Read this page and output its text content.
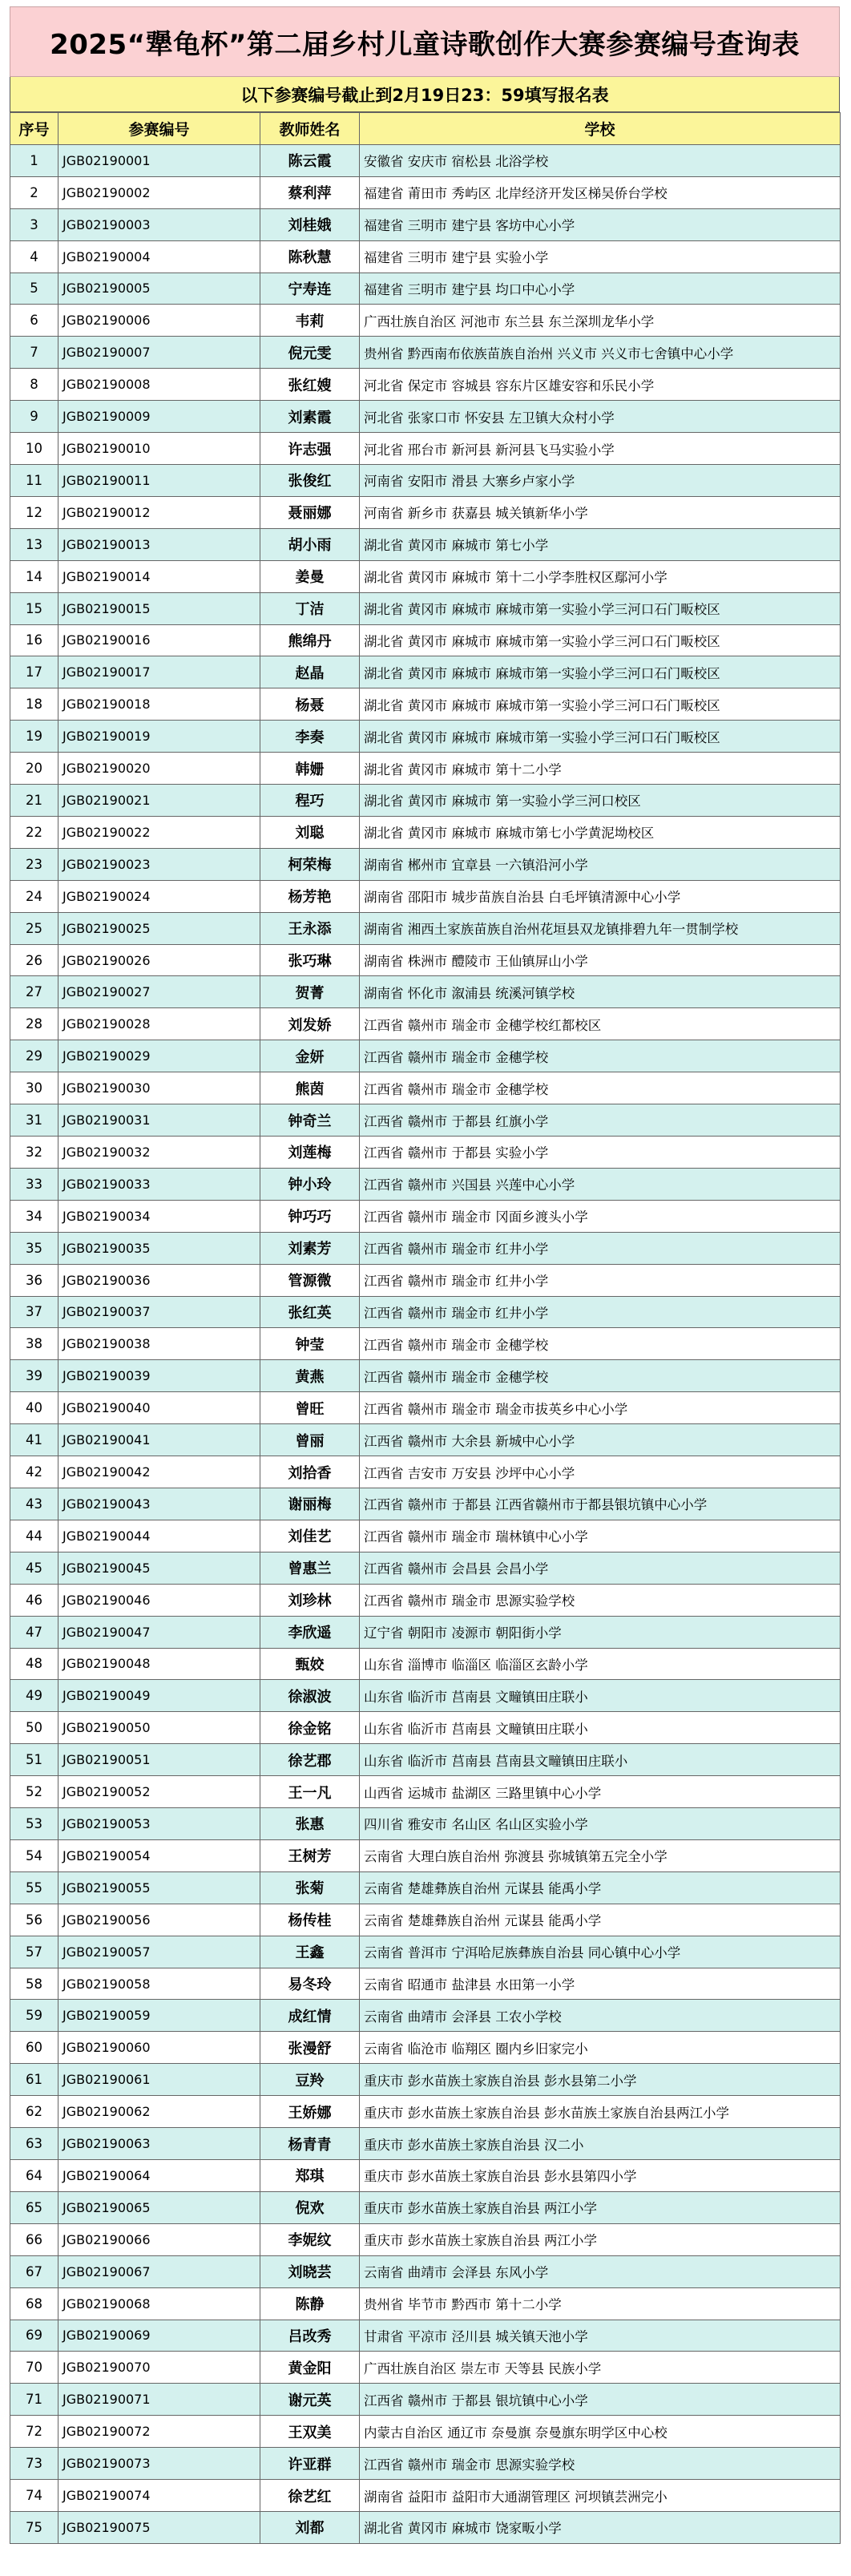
2025“犟龟杯”第二届乡村儿童诗歌创作大赛参赛编号查询表
以下参赛编号截止到2月19日23：59填写报名表
序号	参赛编号	教师姓名	学校
1	JGB02190001	陈云霞	安徽省 安庆市 宿松县 北浴学校
2	JGB02190002	蔡利萍	福建省 莆田市 秀屿区 北岸经济开发区梯吴侨台学校
3	JGB02190003	刘桂娥	福建省 三明市 建宁县 客坊中心小学
4	JGB02190004	陈秋慧	福建省 三明市 建宁县 实验小学
5	JGB02190005	宁寿连	福建省 三明市 建宁县 均口中心小学
6	JGB02190006	韦莉	广西壮族自治区 河池市 东兰县 东兰深圳龙华小学
7	JGB02190007	倪元雯	贵州省 黔西南布依族苗族自治州 兴义市 兴义市七舍镇中心小学
8	JGB02190008	张红嫂	河北省 保定市 容城县 容东片区雄安容和乐民小学
9	JGB02190009	刘素霞	河北省 张家口市 怀安县 左卫镇大众村小学
10	JGB02190010	许志强	河北省 邢台市 新河县 新河县飞马实验小学
11	JGB02190011	张俊红	河南省 安阳市 滑县 大寨乡卢家小学
12	JGB02190012	聂丽娜	河南省 新乡市 获嘉县 城关镇新华小学
13	JGB02190013	胡小雨	湖北省 黄冈市 麻城市 第七小学
14	JGB02190014	姜曼	湖北省 黄冈市 麻城市 第十二小学李胜权区鄢河小学
15	JGB02190015	丁洁	湖北省 黄冈市 麻城市 麻城市第一实验小学三河口石门畈校区
16	JGB02190016	熊绵丹	湖北省 黄冈市 麻城市 麻城市第一实验小学三河口石门畈校区
17	JGB02190017	赵晶	湖北省 黄冈市 麻城市 麻城市第一实验小学三河口石门畈校区
18	JGB02190018	杨聂	湖北省 黄冈市 麻城市 麻城市第一实验小学三河口石门畈校区
19	JGB02190019	李奏	湖北省 黄冈市 麻城市 麻城市第一实验小学三河口石门畈校区
20	JGB02190020	韩姗	湖北省 黄冈市 麻城市 第十二小学
21	JGB02190021	程巧	湖北省 黄冈市 麻城市 第一实验小学三河口校区
22	JGB02190022	刘聪	湖北省 黄冈市 麻城市 麻城市第七小学黄泥坳校区
23	JGB02190023	柯荣梅	湖南省 郴州市 宜章县 一六镇沿河小学
24	JGB02190024	杨芳艳	湖南省 邵阳市 城步苗族自治县 白毛坪镇清源中心小学
25	JGB02190025	王永添	湖南省 湘西土家族苗族自治州花垣县双龙镇排碧九年一贯制学校
26	JGB02190026	张巧琳	湖南省 株洲市 醴陵市 王仙镇屏山小学
27	JGB02190027	贺菁	湖南省 怀化市 溆浦县 统溪河镇学校
28	JGB02190028	刘发娇	江西省 赣州市 瑞金市 金穗学校红都校区
29	JGB02190029	金妍	江西省 赣州市 瑞金市 金穗学校
30	JGB02190030	熊茵	江西省 赣州市 瑞金市 金穗学校
31	JGB02190031	钟奇兰	江西省 赣州市 于都县 红旗小学
32	JGB02190032	刘莲梅	江西省 赣州市 于都县 实验小学
33	JGB02190033	钟小玲	江西省 赣州市 兴国县 兴莲中心小学
34	JGB02190034	钟巧巧	江西省 赣州市 瑞金市 冈面乡渡头小学
35	JGB02190035	刘素芳	江西省 赣州市 瑞金市 红井小学
36	JGB02190036	管源微	江西省 赣州市 瑞金市 红井小学
37	JGB02190037	张红英	江西省 赣州市 瑞金市 红井小学
38	JGB02190038	钟莹	江西省 赣州市 瑞金市 金穗学校
39	JGB02190039	黄燕	江西省 赣州市 瑞金市 金穗学校
40	JGB02190040	曾旺	江西省 赣州市 瑞金市 瑞金市拔英乡中心小学
41	JGB02190041	曾丽	江西省 赣州市 大余县 新城中心小学
42	JGB02190042	刘拾香	江西省 吉安市 万安县 沙坪中心小学
43	JGB02190043	谢丽梅	江西省 赣州市 于都县 江西省赣州市于都县银坑镇中心小学
44	JGB02190044	刘佳艺	江西省 赣州市 瑞金市 瑞林镇中心小学
45	JGB02190045	曾惠兰	江西省 赣州市 会昌县 会昌小学
46	JGB02190046	刘珍林	江西省 赣州市 瑞金市 思源实验学校
47	JGB02190047	李欣遥	辽宁省 朝阳市 凌源市 朝阳街小学
48	JGB02190048	甄姣	山东省 淄博市 临淄区 临淄区玄龄小学
49	JGB02190049	徐淑波	山东省 临沂市 莒南县 文疃镇田庄联小
50	JGB02190050	徐金铭	山东省 临沂市 莒南县 文疃镇田庄联小
51	JGB02190051	徐艺郡	山东省 临沂市 莒南县 莒南县文疃镇田庄联小
52	JGB02190052	王一凡	山西省 运城市 盐湖区 三路里镇中心小学
53	JGB02190053	张惠	四川省 雅安市 名山区 名山区实验小学
54	JGB02190054	王树芳	云南省 大理白族自治州 弥渡县 弥城镇第五完全小学
55	JGB02190055	张菊	云南省 楚雄彝族自治州 元谋县 能禹小学
56	JGB02190056	杨传桂	云南省 楚雄彝族自治州 元谋县 能禹小学
57	JGB02190057	王鑫	云南省 普洱市 宁洱哈尼族彝族自治县 同心镇中心小学
58	JGB02190058	易冬玲	云南省 昭通市 盐津县 水田第一小学
59	JGB02190059	成红情	云南省 曲靖市 会泽县 工农小学校
60	JGB02190060	张漫舒	云南省 临沧市 临翔区 圈内乡旧家完小
61	JGB02190061	豆羚	重庆市 彭水苗族土家族自治县 彭水县第二小学
62	JGB02190062	王娇娜	重庆市 彭水苗族土家族自治县 彭水苗族土家族自治县两江小学
63	JGB02190063	杨青青	重庆市 彭水苗族土家族自治县 汉二小
64	JGB02190064	郑琪	重庆市 彭水苗族土家族自治县 彭水县第四小学
65	JGB02190065	倪欢	重庆市 彭水苗族土家族自治县 两江小学
66	JGB02190066	李妮纹	重庆市 彭水苗族土家族自治县 两江小学
67	JGB02190067	刘晓芸	云南省 曲靖市 会泽县 东风小学
68	JGB02190068	陈静	贵州省 毕节市 黔西市 第十二小学
69	JGB02190069	吕改秀	甘肃省 平凉市 泾川县 城关镇天池小学
70	JGB02190070	黄金阳	广西壮族自治区 崇左市 天等县 民族小学
71	JGB02190071	谢元英	江西省 赣州市 于都县 银坑镇中心小学
72	JGB02190072	王双美	内蒙古自治区 通辽市 奈曼旗 奈曼旗东明学区中心校
73	JGB02190073	许亚群	江西省 赣州市 瑞金市 思源实验学校
74	JGB02190074	徐艺红	湖南省 益阳市 益阳市大通湖管理区 河坝镇芸洲完小
75	JGB02190075	刘都	湖北省 黄冈市 麻城市 饶家畈小学
